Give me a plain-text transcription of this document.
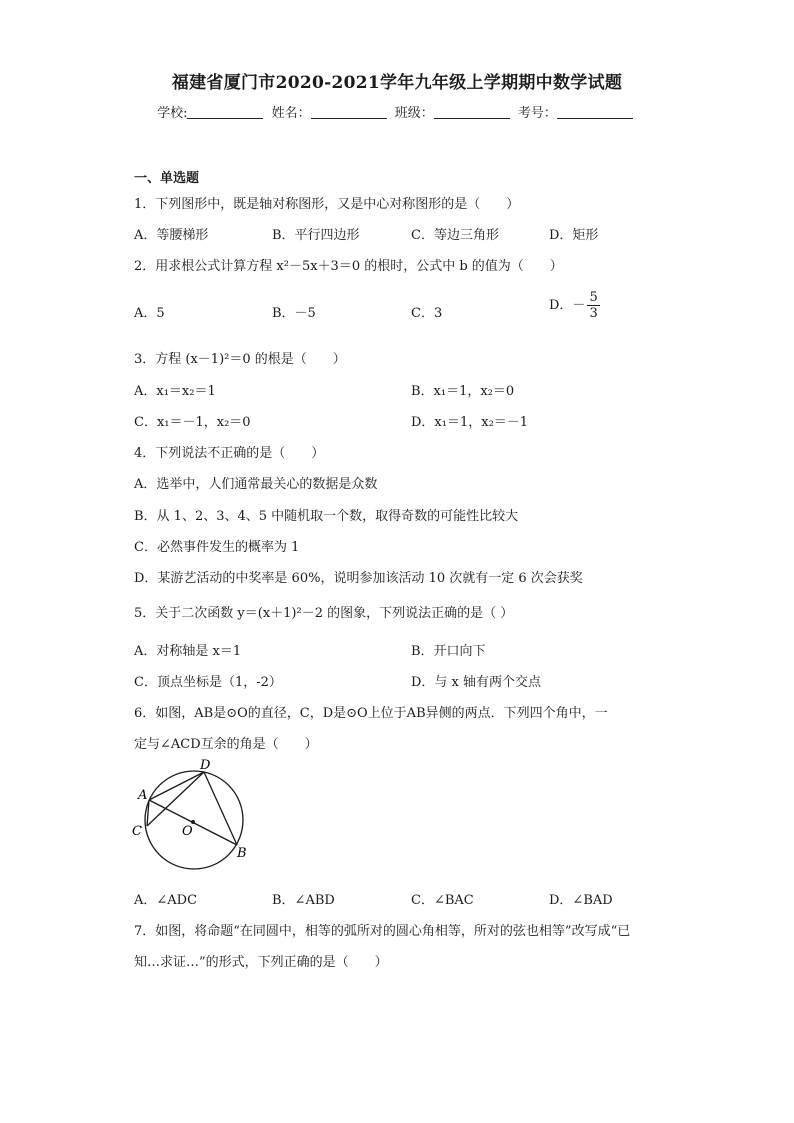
福建省厦门市2020-2021学年九年级上学期期中数学试题
学校:	姓名：	班级：	考号：
一、单选题
1．下列图形中，既是轴对称图形，又是中心对称图形的是（　　）
A．等腰梯形	B．平行四边形	C．等边三角形	D．矩形
2．用求根公式计算方程 x²－5x＋3＝0 的根时，公式中 b 的值为（　　）
A．5	B．－5	C．3
D．－ $\frac{5}{3}$
3．方程 (x－1)²＝0 的根是（　　）
A．x₁＝x₂＝1	B．x₁＝1，x₂＝0
C．x₁＝－1，x₂＝0	D．x₁＝1，x₂＝－1
4．下列说法不正确的是（　　）
A．选举中，人们通常最关心的数据是众数
B．从 1、2、3、4、5 中随机取一个数，取得奇数的可能性比较大
C．必然事件发生的概率为 1
D．某游艺活动的中奖率是 60%，说明参加该活动 10 次就有一定 6 次会获奖
5．关于二次函数 y＝(x＋1)²－2 的图象，下列说法正确的是（ ）
A．对称轴是 x＝1	B．开口向下
C．顶点坐标是（1，-2）	D．与 x 轴有两个交点
6．如图，AB是⊙O的直径，C，D是⊙O上位于AB异侧的两点．下列四个角中，一
定与∠ACD互余的角是（　　）
A
B
C
D
O
A．∠ADC	B．∠ABD	C．∠BAC	D．∠BAD
7．如图，将命题“在同圆中，相等的弧所对的圆心角相等，所对的弦也相等”改写成“已
知…求证…”的形式，下列正确的是（　　）
